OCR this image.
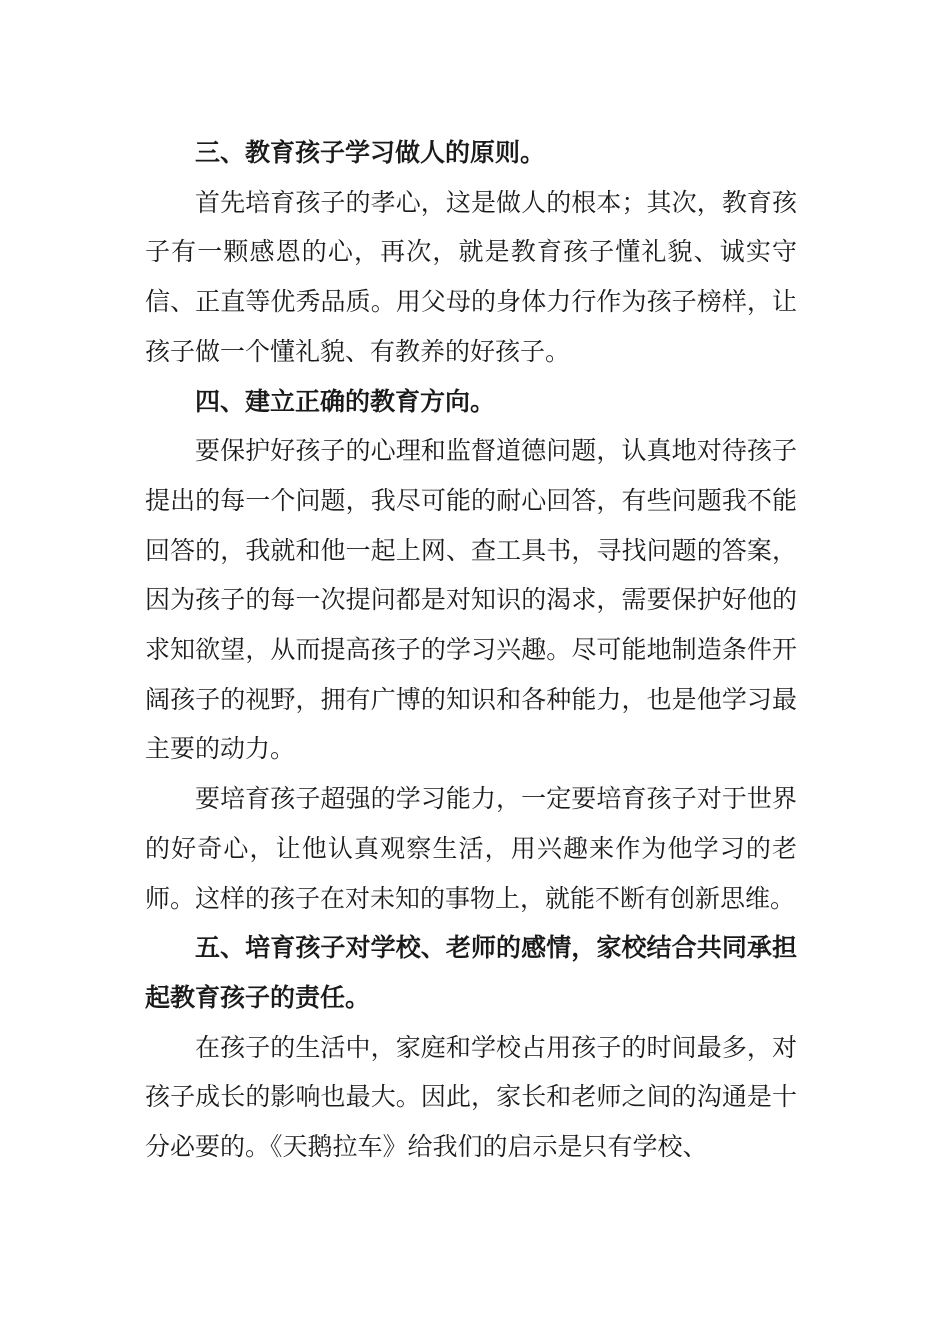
三、教育孩子学习做人的原则。

首先培育孩子的孝心，这是做人的根本；其次，教育孩子有一颗感恩的心，再次，就是教育孩子懂礼貌、诚实守信、正直等优秀品质。用父母的身体力行作为孩子榜样，让孩子做一个懂礼貌、有教养的好孩子。

四、建立正确的教育方向。

要保护好孩子的心理和监督道德问题，认真地对待孩子提出的每一个问题，我尽可能的耐心回答，有些问题我不能回答的，我就和他一起上网、查工具书，寻找问题的答案，因为孩子的每一次提问都是对知识的渴求，需要保护好他的求知欲望，从而提高孩子的学习兴趣。尽可能地制造条件开阔孩子的视野，拥有广博的知识和各种能力，也是他学习最主要的动力。

要培育孩子超强的学习能力，一定要培育孩子对于世界的好奇心，让他认真观察生活，用兴趣来作为他学习的老师。这样的孩子在对未知的事物上，就能不断有创新思维。

五、培育孩子对学校、老师的感情，家校结合共同承担起教育孩子的责任。

在孩子的生活中，家庭和学校占用孩子的时间最多，对孩子成长的影响也最大。因此，家长和老师之间的沟通是十分必要的。《天鹅拉车》给我们的启示是只有学校、
